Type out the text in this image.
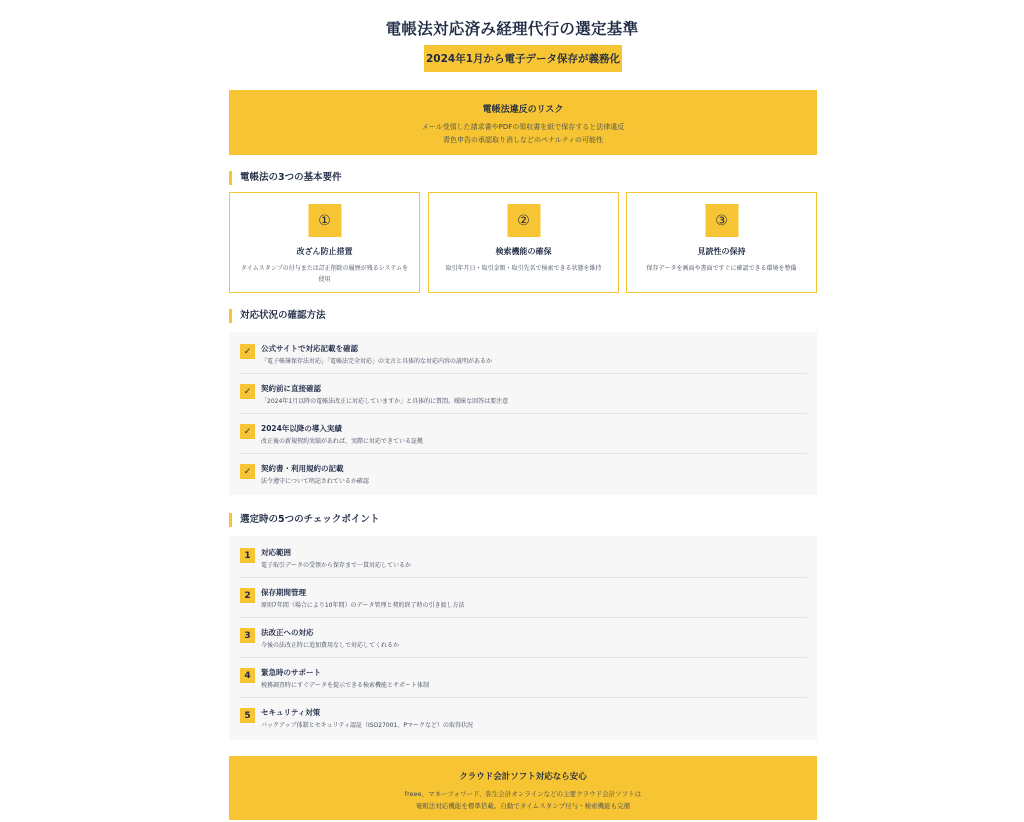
電帳法対応済み経理代行の選定基準
2024年1月から電子データ保存が義務化
電帳法違反のリスク
メール受領した請求書やPDFの領収書を紙で保存すると法律違反
青色申告の承認取り消しなどのペナルティの可能性
電帳法の3つの基本要件
①
改ざん防止措置
タイムスタンプの付与または訂正削除の履歴が残るシステムを使用
②
検索機能の確保
取引年月日・取引金額・取引先名で検索できる状態を維持
③
見読性の保持
保存データを画面や書面ですぐに確認できる環境を整備
対応状況の確認方法
✓	公式サイトで対応記載を確認
「電子帳簿保存法対応」「電帳法完全対応」の文言と具体的な対応内容の説明があるか
✓	契約前に直接確認
「2024年1月以降の電帳法改正に対応していますか」と具体的に質問。曖昧な回答は要注意
✓	2024年以降の導入実績
改正後の新規契約実績があれば、実際に対応できている証拠
✓	契約書・利用規約の記載
法令遵守について明記されているか確認
選定時の5つのチェックポイント
1	対応範囲
電子取引データの受領から保存まで一貫対応しているか
2	保存期間管理
原則7年間（場合により10年間）のデータ管理と契約終了時の引き渡し方法
3	法改正への対応
今後の法改正時に追加費用なしで対応してくれるか
4	緊急時のサポート
税務調査時にすぐデータを提示できる検索機能とサポート体制
5	セキュリティ対策
バックアップ体制とセキュリティ認証（ISO27001、Pマークなど）の取得状況
クラウド会計ソフト対応なら安心
freee、マネーフォワード、弥生会計オンラインなどの主要クラウド会計ソフトは
電帳法対応機能を標準搭載。自動でタイムスタンプ付与・検索機能も完備
